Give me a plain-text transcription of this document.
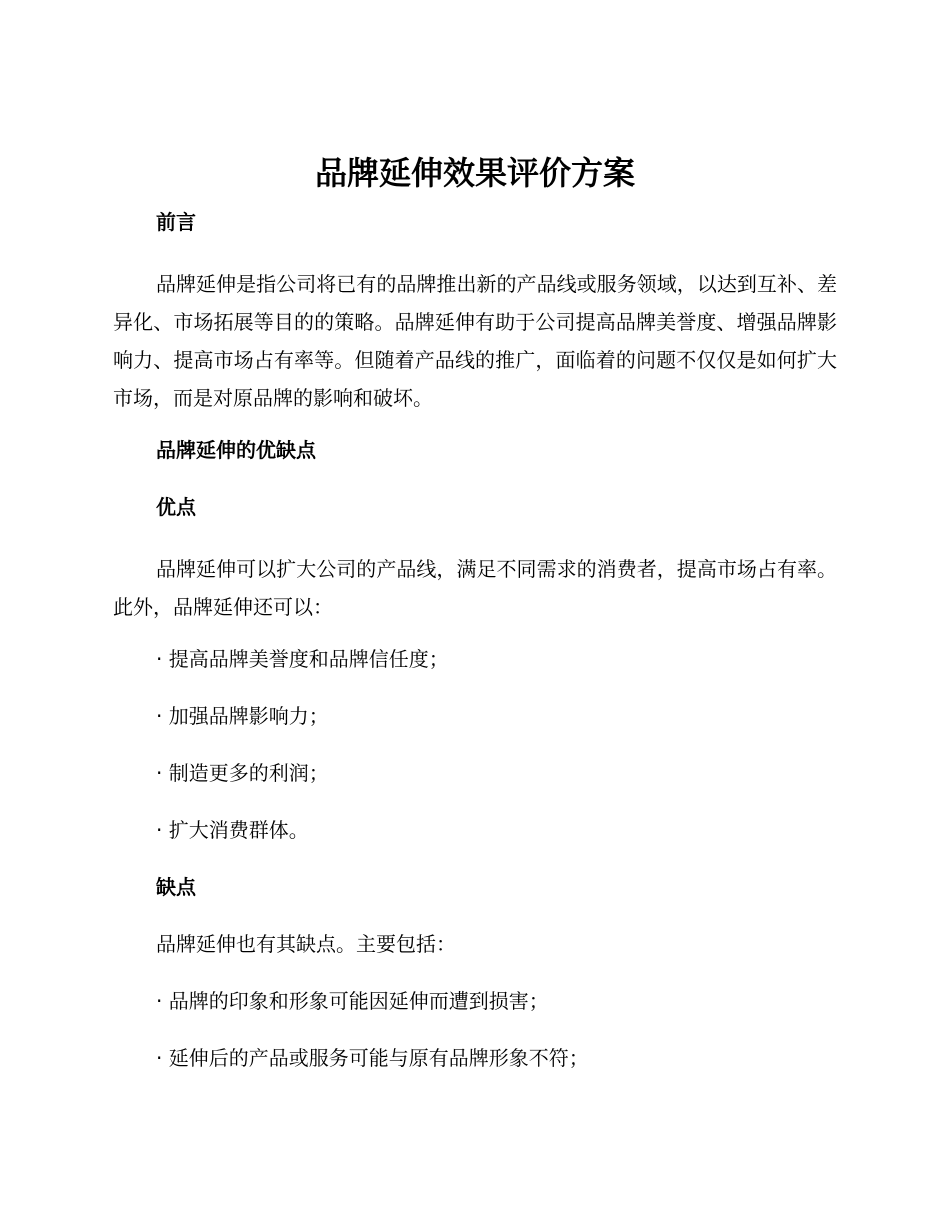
品牌延伸效果评价方案

前言

品牌延伸是指公司将已有的品牌推出新的产品线或服务领域，以达到互补、差异化、市场拓展等目的的策略。品牌延伸有助于公司提高品牌美誉度、增强品牌影响力、提高市场占有率等。但随着产品线的推广，面临着的问题不仅仅是如何扩大市场，而是对原品牌的影响和破坏。

品牌延伸的优缺点

优点

品牌延伸可以扩大公司的产品线，满足不同需求的消费者，提高市场占有率。此外，品牌延伸还可以：

· 提高品牌美誉度和品牌信任度；

· 加强品牌影响力；

· 制造更多的利润；

· 扩大消费群体。

缺点

品牌延伸也有其缺点。主要包括：

· 品牌的印象和形象可能因延伸而遭到损害；

· 延伸后的产品或服务可能与原有品牌形象不符；
